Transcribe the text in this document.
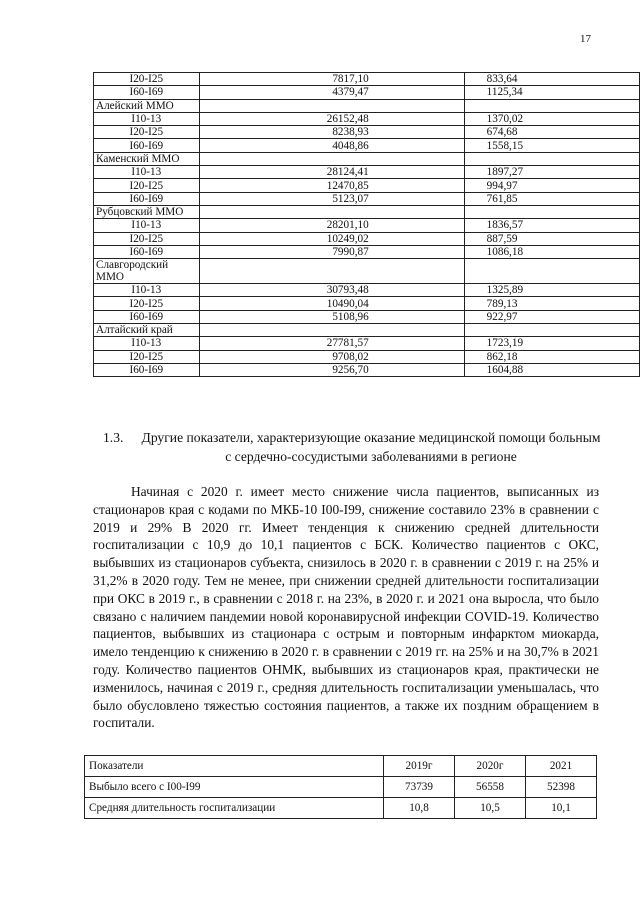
17
I20-I25	7817,10	833,64
I60-I69	4379,47	1125,34
Алейский ММО		
I10-13	26152,48	1370,02
I20-I25	8238,93	674,68
I60-I69	4048,86	1558,15
Каменский ММО		
I10-13	28124,41	1897,27
I20-I25	12470,85	994,97
I60-I69	5123,07	761,85
Рубцовский ММО		
I10-13	28201,10	1836,57
I20-I25	10249,02	887,59
I60-I69	7990,87	1086,18
Славгородский ММО		
I10-13	30793,48	1325,89
I20-I25	10490,04	789,13
I60-I69	5108,96	922,97
Алтайский край		
I10-13	27781,57	1723,19
I20-I25	9708,02	862,18
I60-I69	9256,70	1604,88
1.3. Другие показатели, характеризующие оказание медицинской помощи больным с сердечно-сосудистыми заболеваниями в регионе

Начиная с 2020 г. имеет место снижение числа пациентов, выписанных из стационаров края с кодами по МКБ-10 I00-I99, снижение составило 23% в сравнении с 2019 и 29% В 2020 гг. Имеет тенденция к снижению средней длительности госпитализации с 10,9 до 10,1 пациентов с БСК. Количество пациентов с ОКС, выбывших из стационаров субъекта, снизилось в 2020 г. в сравнении с 2019 г. на 25% и 31,2% в 2020 году. Тем не менее, при снижении средней длительности госпитализации при ОКС в 2019 г., в сравнении с 2018 г. на 23%, в 2020 г. и 2021 она выросла, что было связано с наличием пандемии новой коронавирусной инфекции COVID-19. Количество пациентов, выбывших из стационара с острым и повторным инфарктом миокарда, имело тенденцию к снижению в 2020 г. в сравнении с 2019 гг. на 25% и на 30,7% в 2021 году. Количество пациентов ОНМК, выбывших из стационаров края, практически не изменилось, начиная с 2019 г., средняя длительность госпитализации уменьшалась, что было обусловлено тяжестью состояния пациентов, а также их поздним обращением в госпитали.

Показатели	2019г	2020г	2021
Выбыло всего с I00-I99	73739	56558	52398
Средняя длительность госпитализации	10,8	10,5	10,1
